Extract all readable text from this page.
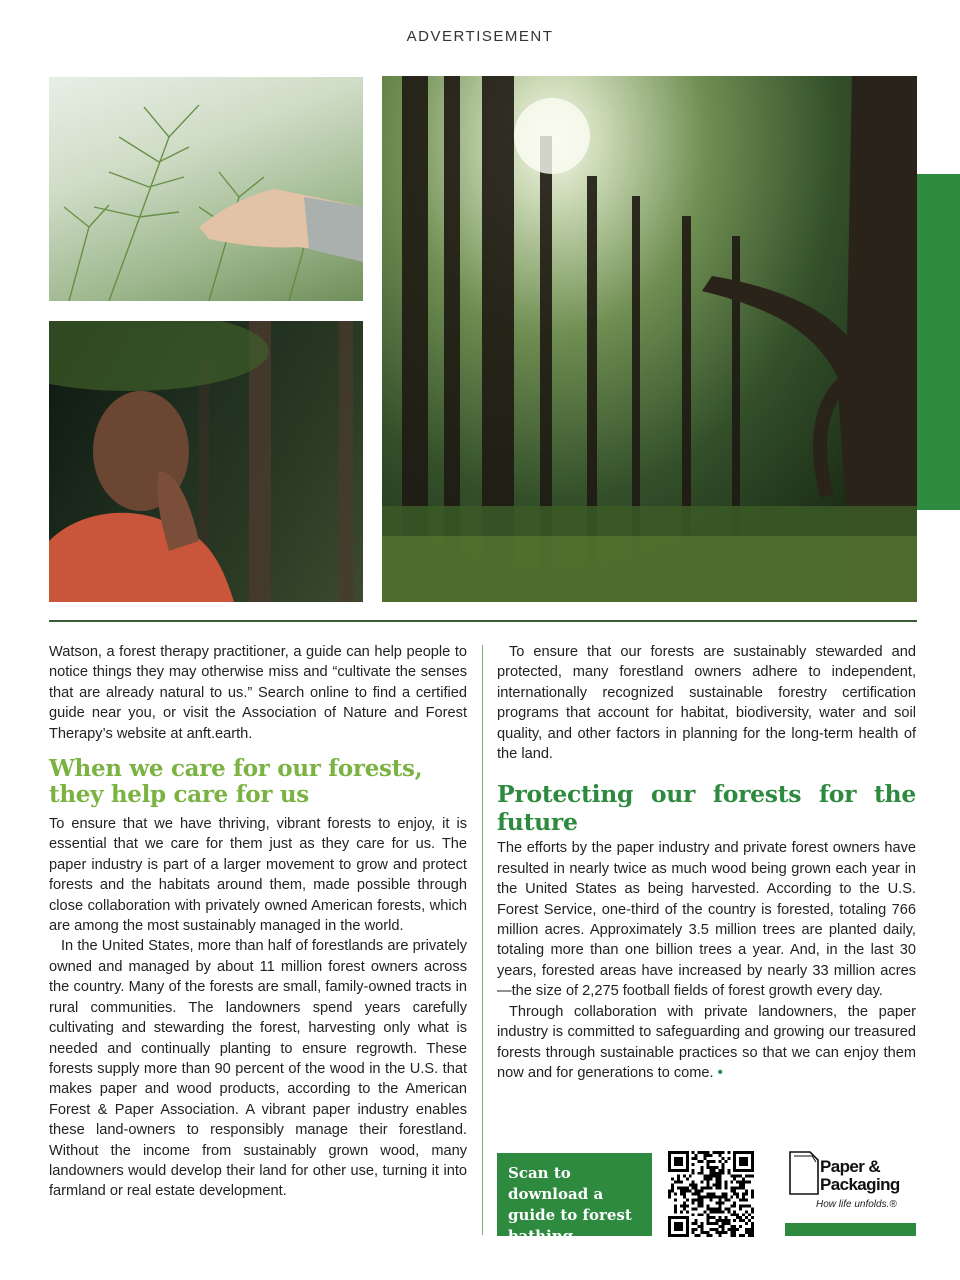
ADVERTISEMENT

Watson, a forest therapy practitioner, a guide can help people to notice things they may otherwise miss and “cultivate the senses that are already natural to us.” Search online to find a certified guide near you, or visit the Association of Nature and Forest Therapy’s website at anft.earth.

When we care for our forests,
they help care for us

To ensure that we have thriving, vibrant forests to enjoy, it is essential that we care for them just as they care for us. The paper industry is part of a larger movement to grow and protect forests and the habitats around them, made possible through close collaboration with privately owned American forests, which are among the most sustainably managed in the world.

In the United States, more than half of forestlands are privately owned and managed by about 11 million forest owners across the country. Many of the forests are small, family-owned tracts in rural communities. The landowners spend years carefully cultivating and stewarding the forest, harvesting only what is needed and continually planting to ensure regrowth. These forests supply more than 90 percent of the wood in the U.S. that makes paper and wood products, according to the American Forest & Paper Association. A vibrant paper industry enables these land-owners to responsibly manage their forestland. Without the income from sustainably grown wood, many landowners would develop their land for other use, turning it into farmland or real estate development.

To ensure that our forests are sustainably stewarded and protected, many forestland owners adhere to independent, internationally recognized sustainable forestry certification programs that account for habitat, biodiversity, water and soil quality, and other factors in planning for the long-term health of the land.

Protecting our forests for the future

The efforts by the paper industry and private forest owners have resulted in nearly twice as much wood being grown each year in the United States as being harvested. According to the U.S. Forest Service, one-third of the country is forested, totaling 766 million acres. Approximately 3.5 million trees are planted daily, totaling more than one billion trees a year. And, in the last 30 years, forested areas have increased by nearly 33 million acres—the size of 2,275 football fields of forest growth every day.

Through collaboration with private landowners, the paper industry is committed to safeguarding and growing our treasured forests through sustainable practices so that we can enjoy them now and for generations to come. •

Scan to download a guide to forest bathing
Paper &
Packaging
How life unfolds.®
